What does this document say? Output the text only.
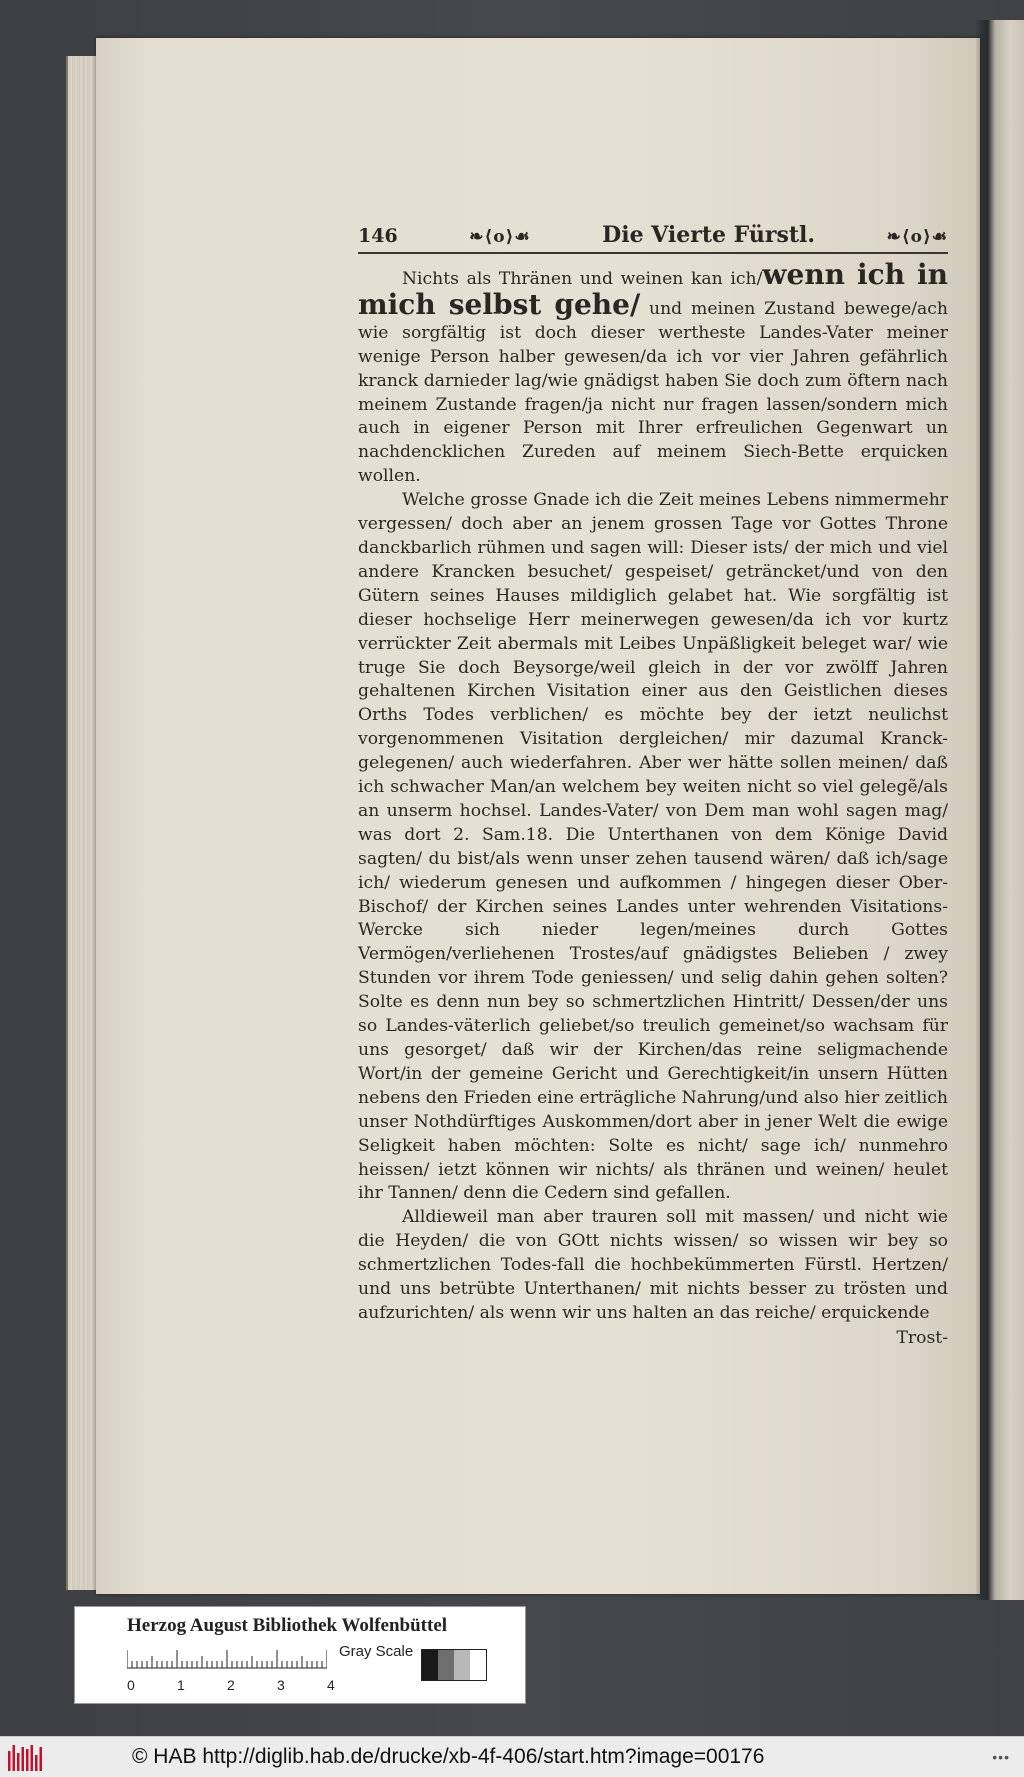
146	❧⟨o⟩☙	Die Vierte Fürstl.	❧⟨o⟩☙

Nichts als Thränen und weinen kan ich/wenn ich in mich selbst gehe/ und meinen Zustand bewege/ach wie sorgfältig ist doch dieser wertheste Landes-Vater meiner wenige Person halber gewesen/da ich vor vier Jahren gefährlich kranck darnieder lag/wie gnädigst haben Sie doch zum öftern nach meinem Zustande fragen/ja nicht nur fragen lassen/sondern mich auch in eigener Person mit Ihrer erfreulichen Gegenwart un nachdencklichen Zureden auf meinem Siech-Bette erquicken wollen.

Welche grosse Gnade ich die Zeit meines Lebens nimmermehr vergessen/ doch aber an jenem grossen Tage vor Gottes Throne danckbarlich rühmen und sagen will: Dieser ists/ der mich und viel andere Krancken besuchet/ gespeiset/ geträncket/und von den Gütern seines Hauses mildiglich gelabet hat. Wie sorgfältig ist dieser hochselige Herr meinerwegen gewesen/da ich vor kurtz verrückter Zeit abermals mit Leibes Unpäßligkeit beleget war/ wie truge Sie doch Beysorge/weil gleich in der vor zwölff Jahren gehaltenen Kirchen Visitation einer aus den Geistlichen dieses Orths Todes verblichen/ es möchte bey der ietzt neulichst vorgenommenen Visitation dergleichen/ mir dazumal Kranck-gelegenen/ auch wiederfahren. Aber wer hätte sollen meinen/ daß ich schwacher Man/an welchem bey weiten nicht so viel gelegẽ/als an unserm hochsel. Landes-Vater/ von Dem man wohl sagen mag/ was dort 2. Sam.18. Die Unterthanen von dem Könige David sagten/ du bist/als wenn unser zehen tausend wären/ daß ich/sage ich/ wiederum genesen und aufkommen / hingegen dieser Ober-Bischof/ der Kirchen seines Landes unter wehrenden Visitations-Wercke sich nieder legen/meines durch Gottes Vermögen/verliehenen Trostes/auf gnädigstes Belieben / zwey Stunden vor ihrem Tode geniessen/ und selig dahin gehen solten? Solte es denn nun bey so schmertzlichen Hintritt/ Dessen/der uns so Landes-väterlich geliebet/so treulich gemeinet/so wachsam für uns gesorget/ daß wir der Kirchen/das reine seligmachende Wort/in der gemeine Gericht und Gerechtigkeit/in unsern Hütten nebens den Frieden eine erträgliche Nahrung/und also hier zeitlich unser Nothdürftiges Auskommen/dort aber in jener Welt die ewige Seligkeit haben möchten: Solte es nicht/ sage ich/ nunmehro heissen/ ietzt können wir nichts/ als thränen und weinen/ heulet ihr Tannen/ denn die Cedern sind gefallen.

Alldieweil man aber trauren soll mit massen/ und nicht wie die Heyden/ die von GOtt nichts wissen/ so wissen wir bey so schmertzlichen Todes-fall die hochbekümmerten Fürstl. Hertzen/ und uns betrübte Unterthanen/ mit nichts besser zu trösten und aufzurichten/ als wenn wir uns halten an das reiche/ erquickende

Trost-
Herzog August Bibliothek Wolfenbüttel
0	1	2	3	4
Gray Scale
© HAB http://diglib.hab.de/drucke/xb-4f-406/start.htm?image=00176	•••
